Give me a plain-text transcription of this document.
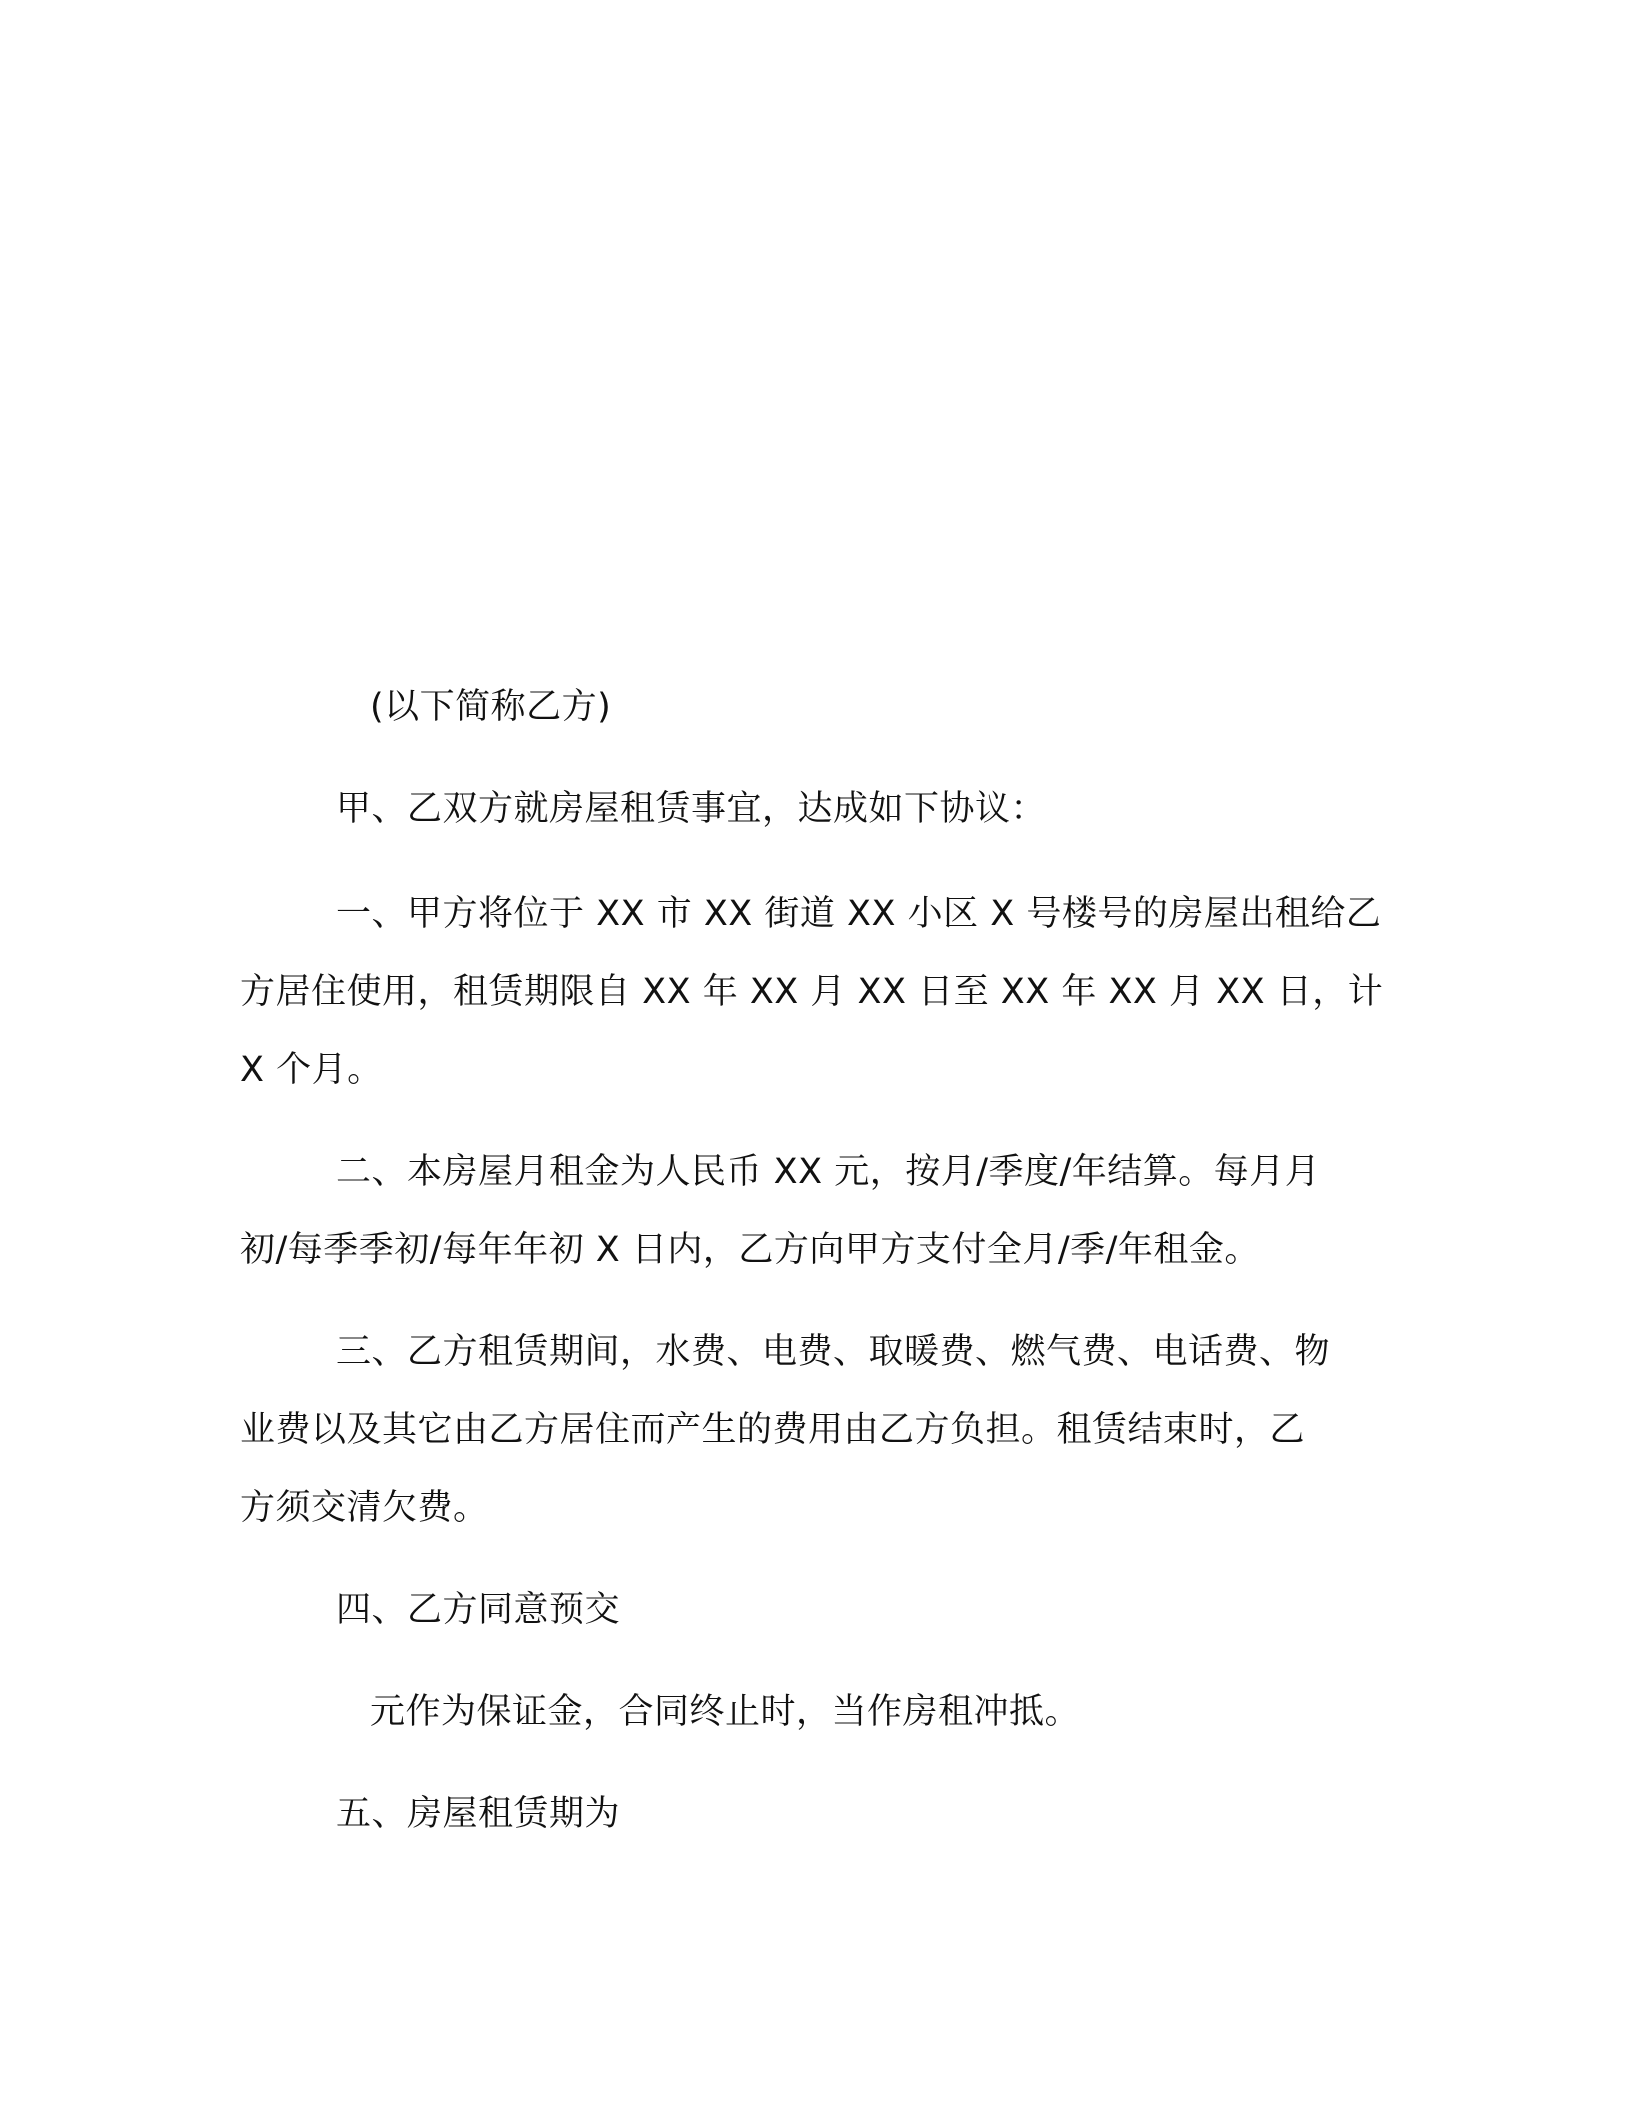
(以下简称乙方)
甲、乙双方就房屋租赁事宜，达成如下协议：
一、甲方将位于 XX 市 XX 街道 XX 小区 X 号楼号的房屋出租给乙
方居住使用，租赁期限自 XX 年 XX 月 XX 日至 XX 年 XX 月 XX 日，计
X 个月。
二、本房屋月租金为人民币 XX 元，按月/季度/年结算。每月月
初/每季季初/每年年初 X 日内，乙方向甲方支付全月/季/年租金。
三、乙方租赁期间，水费、电费、取暖费、燃气费、电话费、物
业费以及其它由乙方居住而产生的费用由乙方负担。租赁结束时，乙
方须交清欠费。
四、乙方同意预交
元作为保证金，合同终止时，当作房租冲抵。
五、房屋租赁期为
